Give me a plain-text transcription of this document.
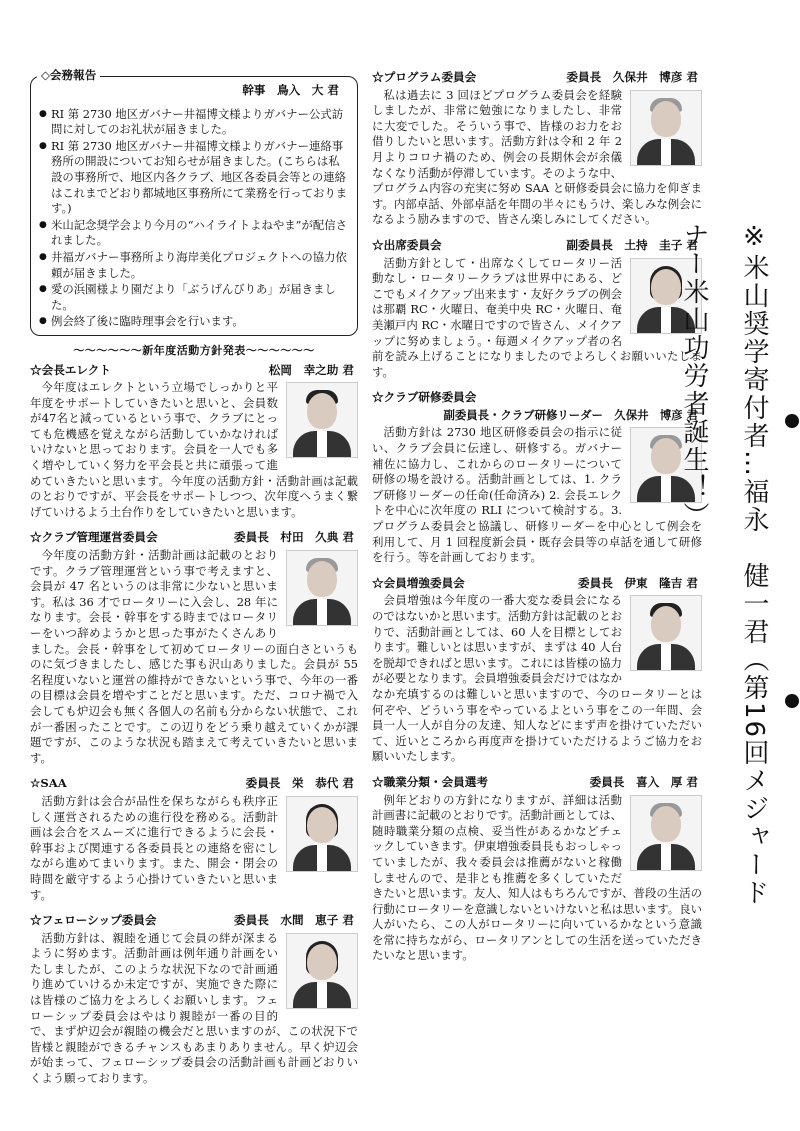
◇会務報告
幹事　鳥入　大 君
● RI 第 2730 地区ガバナー井福博文様よりガバナー公式訪問に対してのお礼状が届きました。
● RI 第 2730 地区ガバナー井福博文様よりガバナー連絡事務所の開設についてお知らせが届きました。(こちらは私設の事務所で、地区内各クラブ、地区各委員会等との連絡はこれまでどおり都城地区事務所にて業務を行っております。)
● 米山記念奨学会より今月の“ハイライトよねやま”が配信されました。
● 井福ガバナー事務所より海岸美化プロジェクトへの協力依頼が届きました。
● 愛の浜園様より園だより「ぶうげんびりあ」が届きました。
● 例会終了後に臨時理事会を行います。
〜〜〜〜〜〜新年度活動方針発表〜〜〜〜〜〜
☆会長エレクト	松岡　幸之助 君
今年度はエレクトという立場でしっかりと平年度をサポートしていきたいと思いと、会員数が47名と減っているという事で、クラブにとっても危機感を覚えながら活動していかなければいけないと思っております。会員を一人でも多く増やしていく努力を平会長と共に頑張って進めていきたいと思います。今年度の活動方針・活動計画は記載のとおりですが、平会長をサポートしつつ、次年度へうまく繋げていけるよう土台作りをしていきたいと思います。
☆クラブ管理運営委員会	委員長　村田　久典 君
今年度の活動方針・活動計画は記載のとおりです。クラブ管理運営という事で考えますと、会員が 47 名というのは非常に少ないと思います。私は 36 才でロータリーに入会し、28 年になります。会長・幹事をする時まではロータリーをいつ辞めようかと思った事がたくさんありました。会長・幹事をして初めてロータリーの面白さというものに気づきましたし、感じた事も沢山ありました。会員が 55 名程度いないと運営の維持ができないという事で、今年の一番の目標は会員を増やすことだと思います。ただ、コロナ禍で入会しても炉辺会も無く各個人の名前も分からない状態で、これが一番困ったことです。この辺りをどう乗り越えていくかが課題ですが、このような状況も踏まえて考えていきたいと思います。
☆SAA	委員長　栄　恭代 君
活動方針は会合が品性を保ちながらも秩序正しく運営されるための進行役を務める。活動計画は会合をスムーズに進行できるように会長・幹事および関連する各委員長との連絡を密にしながら進めてまいります。また、開会・閉会の時間を厳守するよう心掛けていきたいと思います。
☆フェローシップ委員会	委員長　水間　恵子 君
活動方針は、親睦を通じて会員の絆が深まるように努めます。活動計画は例年通り計画をいたしましたが、このような状況下なので計画通り進めていけるか未定ですが、実施できた際には皆様のご協力をよろしくお願いします。フェローシップ委員会はやはり親睦が一番の目的で、まず炉辺会が親睦の機会だと思いますのが、この状況下で皆様と親睦ができるチャンスもあまりありません。早く炉辺会が始まって、フェローシップ委員会の活動計画も計画どおりいくよう願っております。
☆プログラム委員会	委員長　久保井　博彦 君
私は過去に 3 回ほどプログラム委員会を経験しましたが、非常に勉強になりましたし、非常に大変でした。そういう事で、皆様のお力をお借りしたいと思います。活動方針は令和 2 年 2 月よりコロナ禍のため、例会の長期休会が余儀なくなり活動が停滞しています。そのような中、プログラム内容の充実に努め SAA と研修委員会に協力を仰ぎます。内部卓話、外部卓話を年間の半々にもうけ、楽しみな例会になるよう励みますので、皆さん楽しみにしてください。
☆出席委員会	副委員長　土持　圭子 君
活動方針として・出席なくしてロータリー活動なし・ロータリークラブは世界中にある、どこでもメイクアップ出来ます・友好クラブの例会は那覇 RC・火曜日、奄美中央 RC・火曜日、奄美瀬戸内 RC・水曜日ですので皆さん、メイクアップに努めましょう。・毎週メイクアップ者の名前を読み上げることになりましたのでよろしくお願いいたします。
☆クラブ研修委員会
副委員長・クラブ研修リーダー　久保井　博彦 君
活動方針は 2730 地区研修委員会の指示に従い、クラブ会員に伝達し、研修する。ガバナー補佐に協力し、これからのロータリーについて研修の場を設ける。活動計画としては、1. クラブ研修リーダーの任命(任命済み) 2. 会長エレクトを中心に次年度の RLI について検討する。3. プログラム委員会と協議し、研修リーダーを中心として例会を利用して、月 1 回程度新会員・既存会員等の卓話を通して研修を行う。等を計画しております。
☆会員増強委員会	委員長　伊東　隆吉 君
会員増強は今年度の一番大変な委員会になるのではないかと思います。活動方針は記載のとおりで、活動計画としては、60 人を目標としております。難しいとは思いますが、まずは 40 人台を脱却できればと思います。これには皆様の協力が必要となります。会員増強委員会だけではなかなか充填するのは難しいと思いますので、今のロータリーとは何ぞや、どういう事をやっているよという事をこの一年間、会員一人一人が自分の友達、知人などにまず声を掛けていただいて、近いところから再度声を掛けていただけるようご協力をお願いいたします。
☆職業分類・会員選考	委員長　喜入　厚 君
例年どおりの方針になりますが、詳細は活動計画書に記載のとおりです。活動計画としては、随時職業分類の点検、妥当性があるかなどチェックしていきます。伊東増強委員長もおっしゃっていましたが、我々委員会は推薦がないと稼働しませんので、是非とも推薦を多くしていただきたいと思います。友人、知人はもちろんですが、普段の生活の行動にロータリーを意識しないといけないと私は思います。良い人がいたら、この人がロータリーに向いているかなという意識を常に持ちながら、ロータリアンとしての生活を送っていただきたいなと思います。
※米山奨学寄付者…福永　健一君（第16回メジャードナー米山功労者誕生！）
